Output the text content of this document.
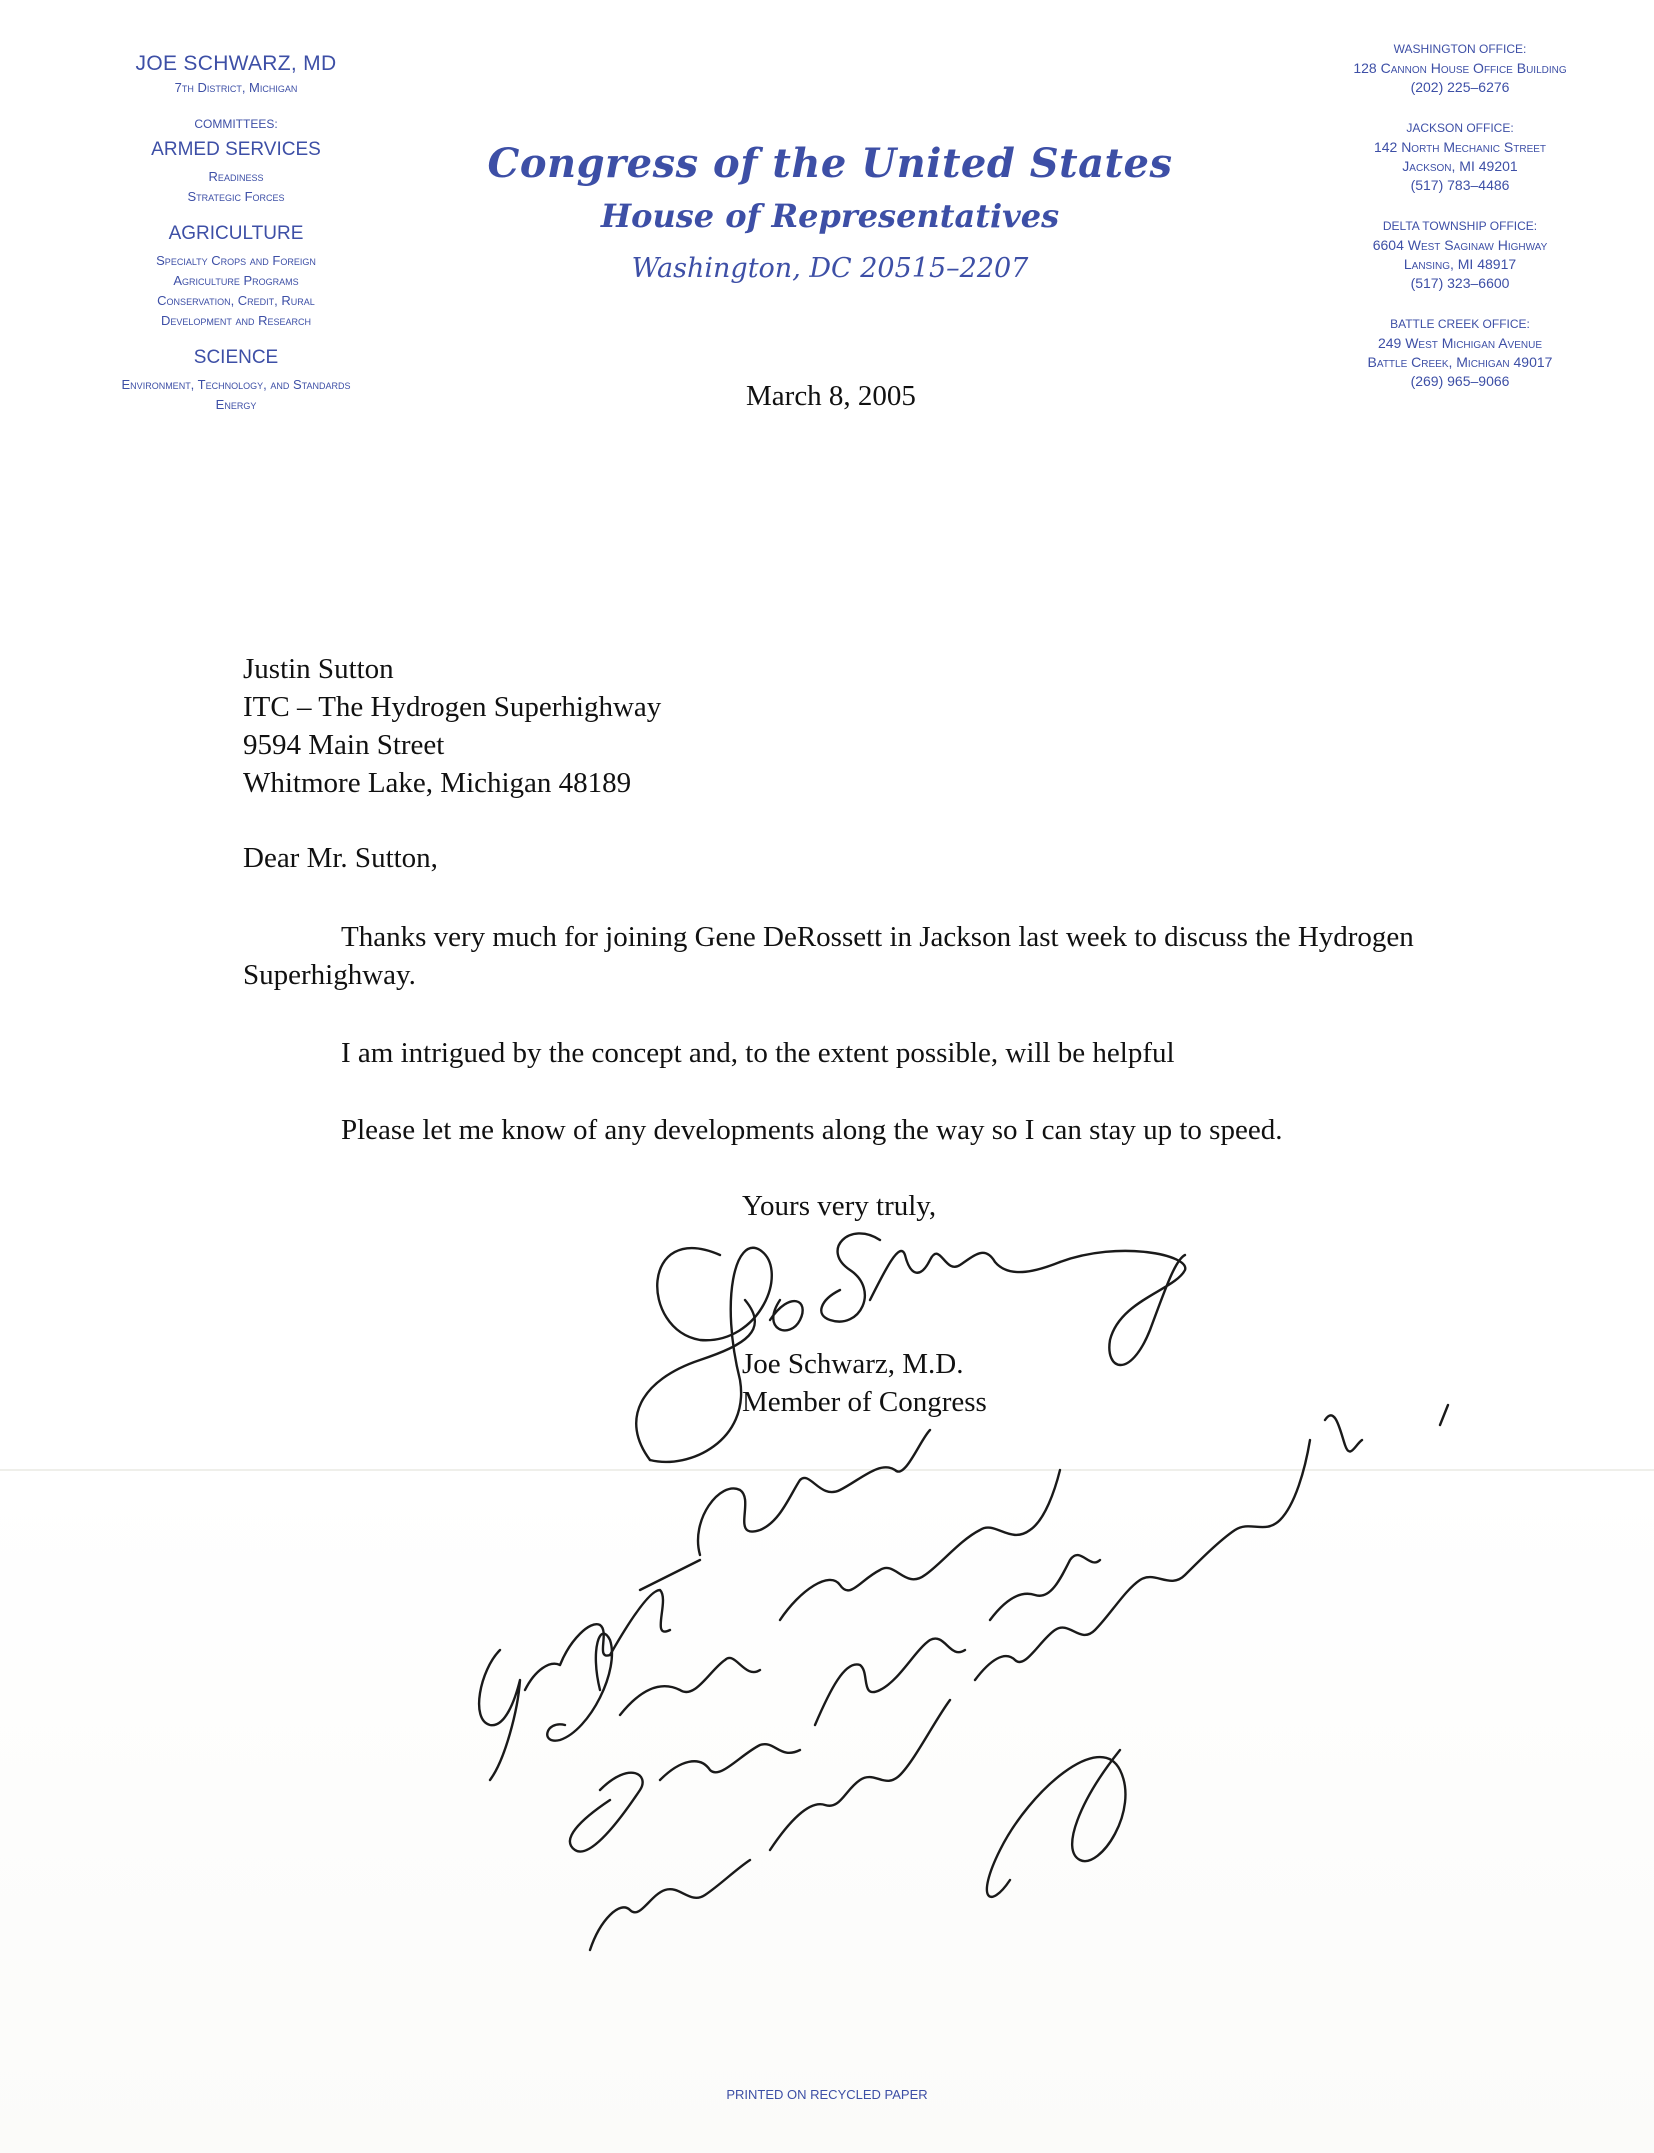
JOE SCHWARZ, MD
7th District, Michigan
COMMITTEES:
ARMED SERVICES
Readiness
Strategic Forces
AGRICULTURE
Specialty Crops and Foreign
Agriculture Programs
Conservation, Credit, Rural
Development and Research
SCIENCE
Environment, Technology, and Standards
Energy
Congress of the United States
House of Representatives
Washington, DC 20515–2207
WASHINGTON OFFICE:
128 Cannon House Office Building
(202) 225–6276
JACKSON OFFICE:
142 North Mechanic Street
Jackson, MI 49201
(517) 783–4486
DELTA TOWNSHIP OFFICE:
6604 West Saginaw Highway
Lansing, MI 48917
(517) 323–6600
BATTLE CREEK OFFICE:
249 West Michigan Avenue
Battle Creek, Michigan 49017
(269) 965–9066
March 8, 2005
Justin Sutton
ITC – The Hydrogen Superhighway
9594 Main Street
Whitmore Lake, Michigan 48189
Dear Mr. Sutton,
Thanks very much for joining Gene DeRossett in Jackson last week to discuss the Hydrogen Superhighway.
I am intrigued by the concept and, to the extent possible, will be helpful
Please let me know of any developments along the way so I can stay up to speed.
Yours very truly,
Joe Schwarz, M.D.
Member of Congress
PRINTED ON RECYCLED PAPER
